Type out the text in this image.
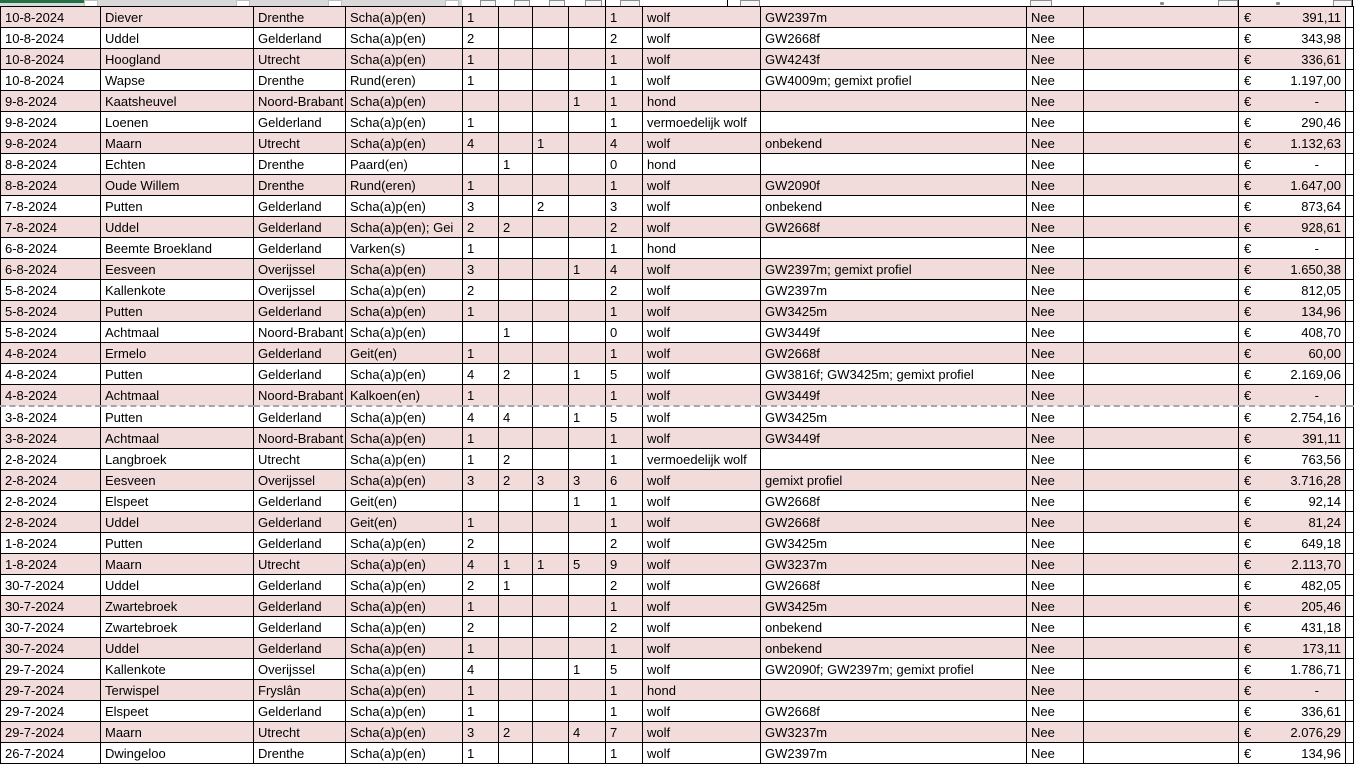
10-8-2024	Diever	Drenthe	Scha(a)p(en)	1				1	wolf	GW2397m	Nee		€ 391,11	

10-8-2024	Uddel	Gelderland	Scha(a)p(en)	2				2	wolf	GW2668f	Nee		€ 343,98	

10-8-2024	Hoogland	Utrecht	Scha(a)p(en)	1				1	wolf	GW4243f	Nee		€ 336,61	

10-8-2024	Wapse	Drenthe	Rund(eren)	1				1	wolf	GW4009m; gemixt profiel	Nee		€ 1.197,00	

9-8-2024	Kaatsheuvel	Noord-Brabant	Scha(a)p(en)				1	1	hond		Nee		€ -	

9-8-2024	Loenen	Gelderland	Scha(a)p(en)	1				1	vermoedelijk wolf		Nee		€ 290,46	

9-8-2024	Maarn	Utrecht	Scha(a)p(en)	4		1		4	wolf	onbekend	Nee		€ 1.132,63	

8-8-2024	Echten	Drenthe	Paard(en)		1			0	hond		Nee		€ -	

8-8-2024	Oude Willem	Drenthe	Rund(eren)	1				1	wolf	GW2090f	Nee		€ 1.647,00	

7-8-2024	Putten	Gelderland	Scha(a)p(en)	3		2		3	wolf	onbekend	Nee		€ 873,64	

7-8-2024	Uddel	Gelderland	Scha(a)p(en); Gei	2	2			2	wolf	GW2668f	Nee		€ 928,61	

6-8-2024	Beemte Broekland	Gelderland	Varken(s)	1				1	hond		Nee		€ -	

6-8-2024	Eesveen	Overijssel	Scha(a)p(en)	3			1	4	wolf	GW2397m; gemixt profiel	Nee		€ 1.650,38	

5-8-2024	Kallenkote	Overijssel	Scha(a)p(en)	2				2	wolf	GW2397m	Nee		€ 812,05	

5-8-2024	Putten	Gelderland	Scha(a)p(en)	1				1	wolf	GW3425m	Nee		€ 134,96	

5-8-2024	Achtmaal	Noord-Brabant	Scha(a)p(en)		1			0	wolf	GW3449f	Nee		€ 408,70	

4-8-2024	Ermelo	Gelderland	Geit(en)	1				1	wolf	GW2668f	Nee		€ 60,00	

4-8-2024	Putten	Gelderland	Scha(a)p(en)	4	2		1	5	wolf	GW3816f; GW3425m; gemixt profiel	Nee		€ 2.169,06	

4-8-2024	Achtmaal	Noord-Brabant	Kalkoen(en)	1				1	wolf	GW3449f	Nee		€ -	

3-8-2024	Putten	Gelderland	Scha(a)p(en)	4	4		1	5	wolf	GW3425m	Nee		€ 2.754,16	

3-8-2024	Achtmaal	Noord-Brabant	Scha(a)p(en)	1				1	wolf	GW3449f	Nee		€ 391,11	

2-8-2024	Langbroek	Utrecht	Scha(a)p(en)	1	2			1	vermoedelijk wolf		Nee		€ 763,56	

2-8-2024	Eesveen	Overijssel	Scha(a)p(en)	3	2	3	3	6	wolf	gemixt profiel	Nee		€ 3.716,28	

2-8-2024	Elspeet	Gelderland	Geit(en)				1	1	wolf	GW2668f	Nee		€ 92,14	

2-8-2024	Uddel	Gelderland	Geit(en)	1				1	wolf	GW2668f	Nee		€ 81,24	

1-8-2024	Putten	Gelderland	Scha(a)p(en)	2				2	wolf	GW3425m	Nee		€ 649,18	

1-8-2024	Maarn	Utrecht	Scha(a)p(en)	4	1	1	5	9	wolf	GW3237m	Nee		€ 2.113,70	

30-7-2024	Uddel	Gelderland	Scha(a)p(en)	2	1			2	wolf	GW2668f	Nee		€ 482,05	

30-7-2024	Zwartebroek	Gelderland	Scha(a)p(en)	1				1	wolf	GW3425m	Nee		€ 205,46	

30-7-2024	Zwartebroek	Gelderland	Scha(a)p(en)	2				2	wolf	onbekend	Nee		€ 431,18	

30-7-2024	Uddel	Gelderland	Scha(a)p(en)	1				1	wolf	onbekend	Nee		€ 173,11	

29-7-2024	Kallenkote	Overijssel	Scha(a)p(en)	4			1	5	wolf	GW2090f; GW2397m; gemixt profiel	Nee		€ 1.786,71	

29-7-2024	Terwispel	Fryslân	Scha(a)p(en)	1				1	hond		Nee		€ -	

29-7-2024	Elspeet	Gelderland	Scha(a)p(en)	1				1	wolf	GW2668f	Nee		€ 336,61	

29-7-2024	Maarn	Utrecht	Scha(a)p(en)	3	2		4	7	wolf	GW3237m	Nee		€ 2.076,29	

26-7-2024	Dwingeloo	Drenthe	Scha(a)p(en)	1				1	wolf	GW2397m	Nee		€ 134,96	
